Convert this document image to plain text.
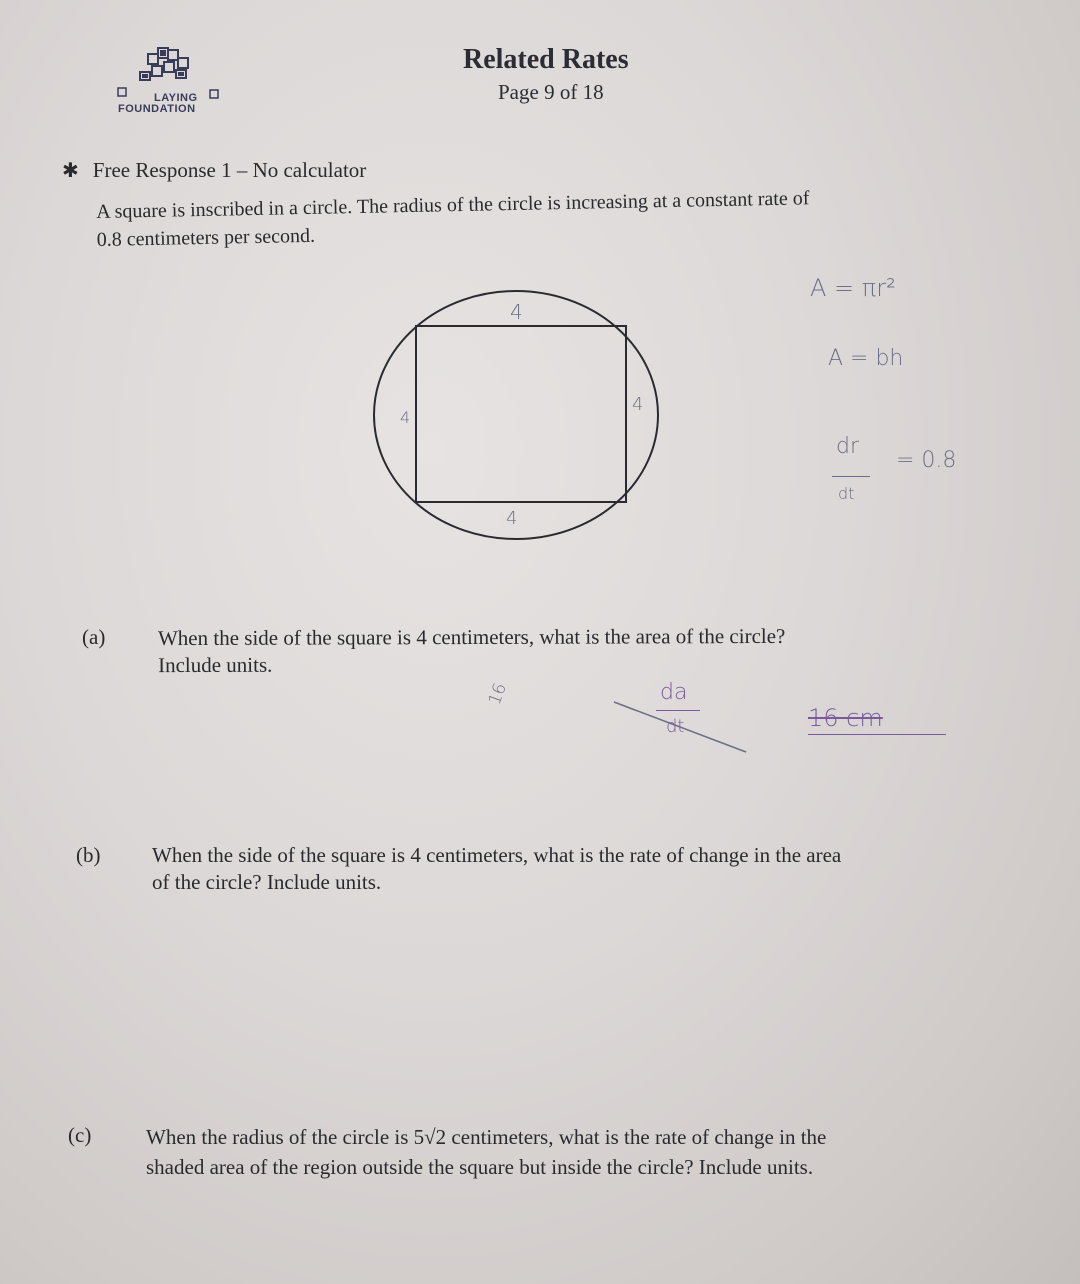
LAYING
FOUNDATION
Related Rates
Page 9 of 18
✱ Free Response 1 – No calculator

A square is inscribed in a circle. The radius of the circle is increasing at a constant rate of

0.8 centimeters per second.

4
4
4
4
A = πr²
A = bh
dr
dt
= 0.8
(a)	When the side of the square is 4 centimeters, what is the area of the circle?
Include units.
16	da
dt	16 cm
(b) When the side of the square is 4 centimeters, what is the rate of change in the area
of the circle? Include units.
(c)	When the radius of the circle is 5√2 centimeters, what is the rate of change in the
shaded area of the region outside the square but inside the circle? Include units.
